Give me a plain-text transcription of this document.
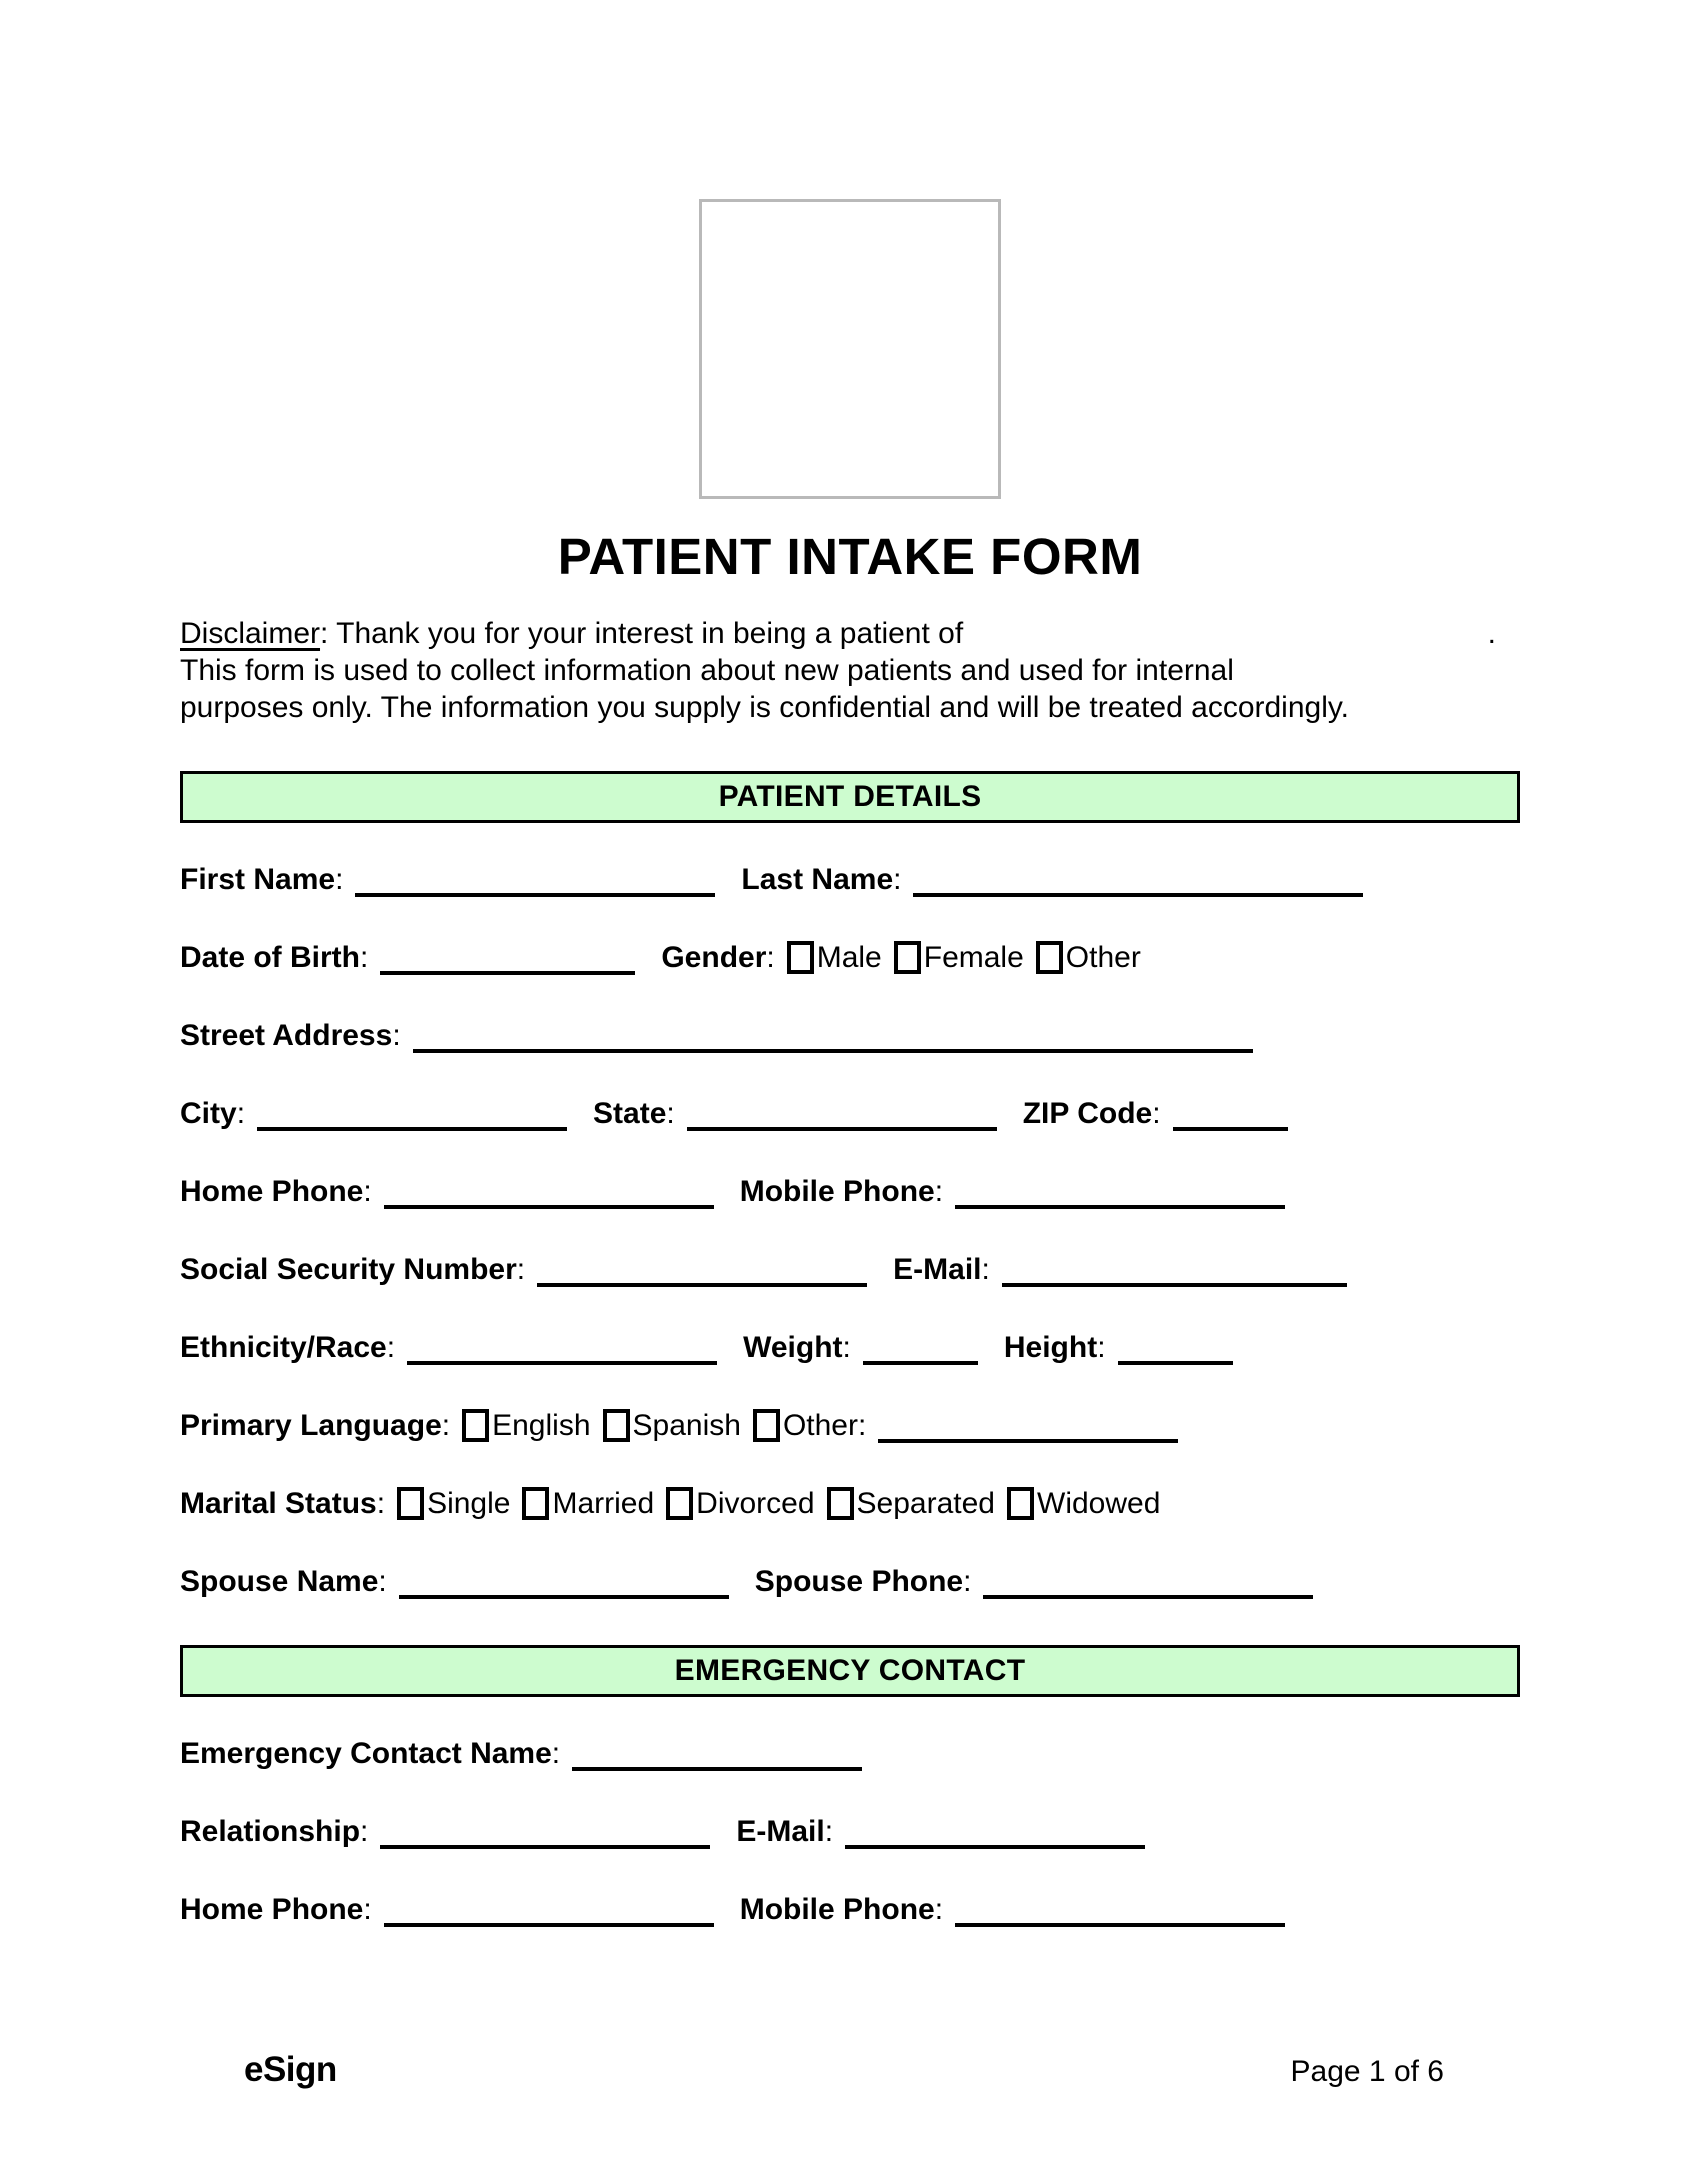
PATIENT INTAKE FORM
Disclaimer : Thank you for your interest in being a patient of	.
This form is used to collect information about new patients and used for internal
purposes only. The information you supply is confidential and will be treated accordingly.
PATIENT DETAILS
First Name:	Last Name:
Date of Birth:	Gender: Male Female Other
Street Address:
City:	State:	ZIP Code:
Home Phone:	Mobile Phone:
Social Security Number:	E-Mail:
Ethnicity/Race:	Weight:	Height:
Primary Language: English Spanish Other:
Marital Status: Single Married Divorced Separated Widowed
Spouse Name:	Spouse Phone:
EMERGENCY CONTACT
Emergency Contact Name:
Relationship:	E-Mail:
Home Phone:	Mobile Phone:
eSign	Page 1 of 6
